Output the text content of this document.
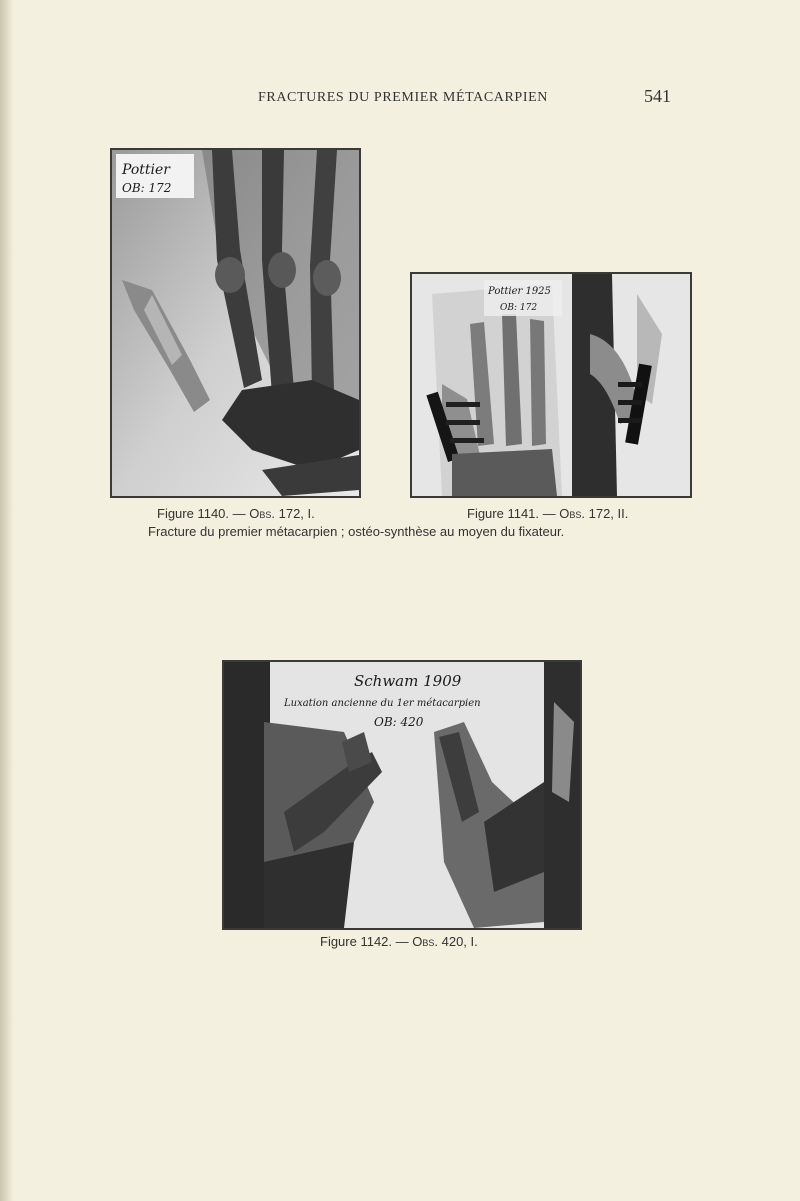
FRACTURES DU PREMIER MÉTACARPIEN	541
Pottier
OB: 172
Pottier 1925
OB: 172
Figure 1140. — Obs. 172, I.	Figure 1141. — Obs. 172, II.
Fracture du premier métacarpien ; ostéo-synthèse au moyen du fixateur.
Schwam 1909
Luxation ancienne du 1er métacarpien
OB: 420
Figure 1142. — Obs. 420, I.
